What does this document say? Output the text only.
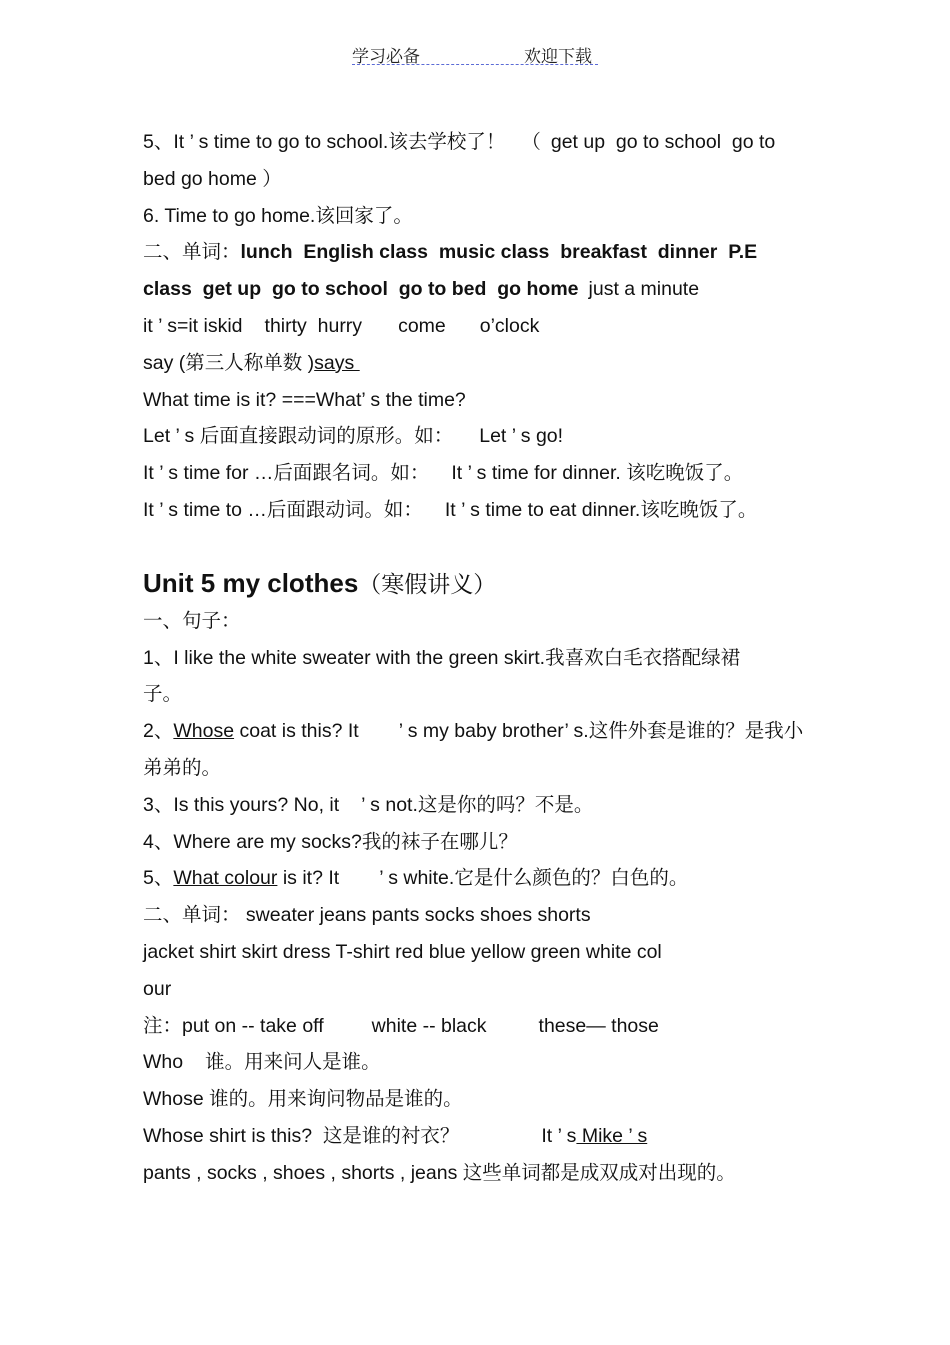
学习必备	欢迎下载
5、It ’ s time to go to school.该去学校了！ （ get up  go to school  go to
bed go home ）
6. Time to go home.该回家了。
二、单词：lunch  English class  music class  breakfast  dinner  P.E
class  get up  go to school  go to bed  go home just a minute
it ’ s=it iskid thirty  hurry come o’clock
say (第三人称单数 )says
What time is it? ===What’ s the time?
Let ’ s 后面直接跟动词的原形。如： Let ’ s go!
It ’ s time for …后面跟名词。如： It ’ s time for dinner. 该吃晚饭了。
It ’ s time to …后面跟动词。如： It ’ s time to eat dinner.该吃晚饭了。
Unit 5 my clothes（寒假讲义）
一、句子：
1、I like the white sweater with the green skirt.我喜欢白毛衣搭配绿裙
子。
2、Whose coat is this? It ’ s my baby brother’ s.这件外套是谁的？是我小
弟弟的。
3、Is this yours? No, it ’ s not.这是你的吗？不是。
4、Where are my socks?我的袜子在哪儿？
5、What colour is it? It ’ s white.它是什么颜色的？白色的。
二、单词： sweater jeans pants socks shoes shorts
jacket shirt skirt dress T-shirt red blue yellow green white col
our
注：put on -- take off white -- black	these— those
Who 谁。用来问人是谁。
Whose 谁的。用来询问物品是谁的。
Whose shirt is this?  这是谁的衬衣？	It ’ s Mike ’ s
pants , socks , shoes , shorts , jeans 这些单词都是成双成对出现的。
